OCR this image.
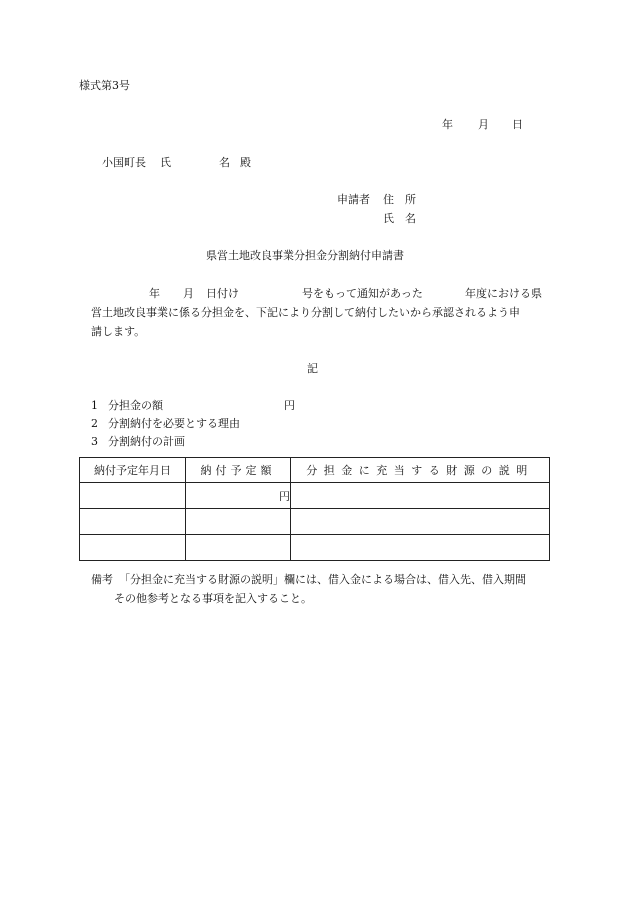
様式第3号
年 月 日
小国町長 氏	名 殿
申請者 住　所
氏　名
県営土地改良事業分担金分割納付申請書
年 月 日付け	号をもって通知があった	年度における県
営土地改良事業に係る分担金を、下記により分割して納付したいから承認されるよう申
請します。
記
1 分担金の額	円
2 分割納付を必要とする理由
3 分割納付の計画
納付予定年月日	納付予定額	分担金に充当する財源の説明
	円	

備考 「分担金に充当する財源の説明」欄には、借入金による場合は、借入先、借入期間
その他参考となる事項を記入すること。
